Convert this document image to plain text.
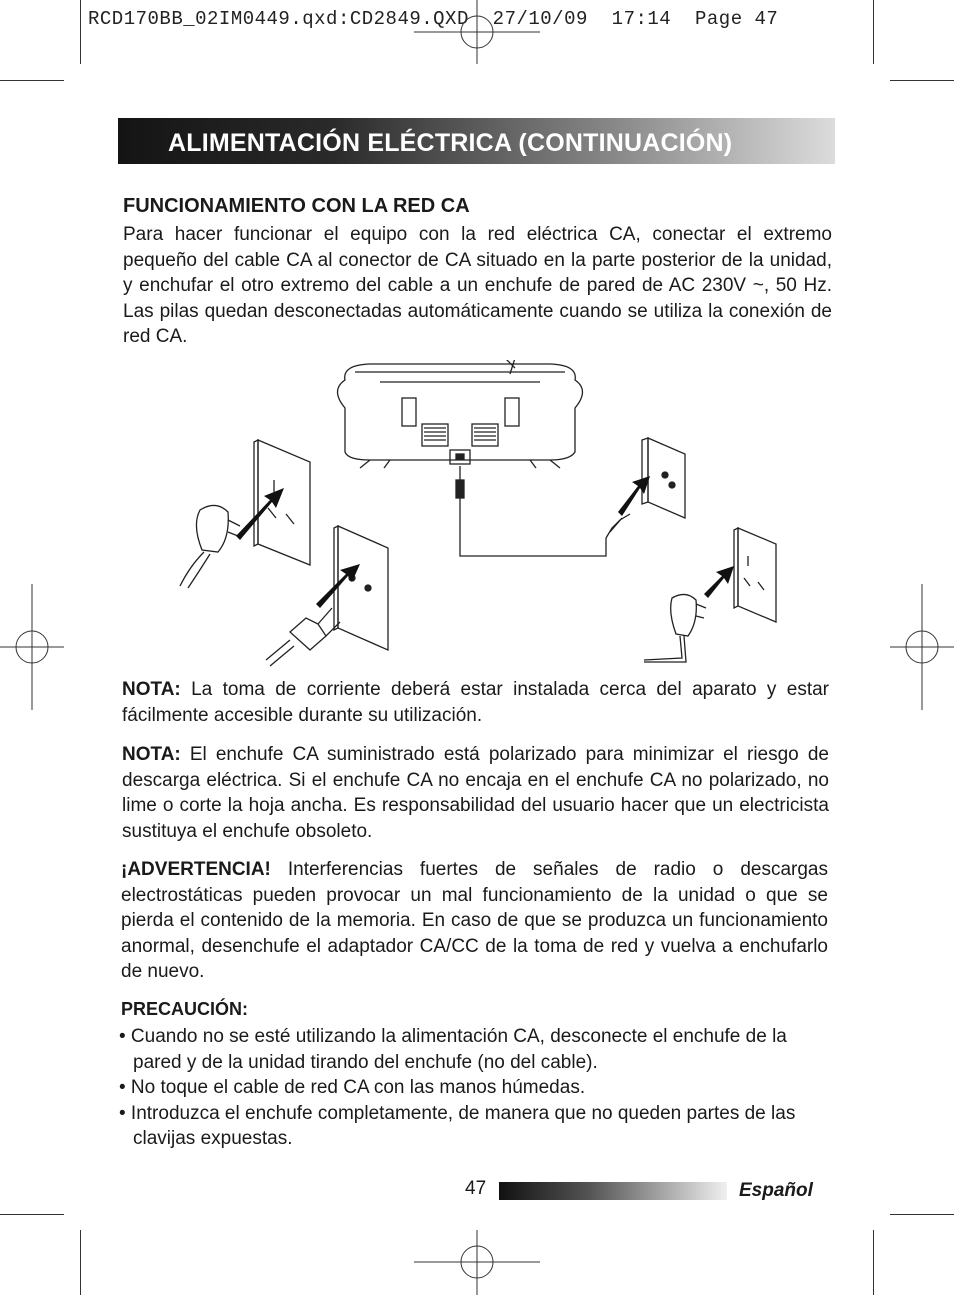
RCD170BB_02IM0449.qxd:CD2849.QXD  27/10/09  17:14  Page 47
ALIMENTACIÓN ELÉCTRICA (CONTINUACIÓN)
FUNCIONAMIENTO CON LA RED CA

Para hacer funcionar el equipo con la red eléctrica CA, conectar el extremo pequeño del cable CA al conector de CA situado en la parte posterior de la unidad, y enchufar el otro extremo del cable a un enchufe de pared de AC 230V ~, 50 Hz. Las pilas quedan desconectadas automáticamente cuando se utiliza la conexión de red CA.

NOTA: La toma de corriente deberá estar instalada cerca del aparato y estar fácilmente accesible durante su utilización.

NOTA: El enchufe CA suministrado está polarizado para minimizar el riesgo de descarga eléctrica. Si el enchufe CA no encaja en el enchufe CA no polarizado, no lime o corte la hoja ancha. Es responsabilidad del usuario hacer que un electricista sustituya el enchufe obsoleto.

¡ADVERTENCIA! Interferencias fuertes de señales de radio o descargas electrostáticas pueden provocar un mal funcionamiento de la unidad o que se pierda el contenido de la memoria. En caso de que se produzca un funcionamiento anormal, desenchufe el adaptador CA/CC de la toma de red y vuelva a enchufarlo de nuevo.

PRECAUCIÓN:
• Cuando no se esté utilizando la alimentación CA, desconecte el enchufe de la pared y de la unidad tirando del enchufe (no del cable).
• No toque el cable de red CA con las manos húmedas.
• Introduzca el enchufe completamente, de manera que no queden partes de las clavijas expuestas.
47	Español
